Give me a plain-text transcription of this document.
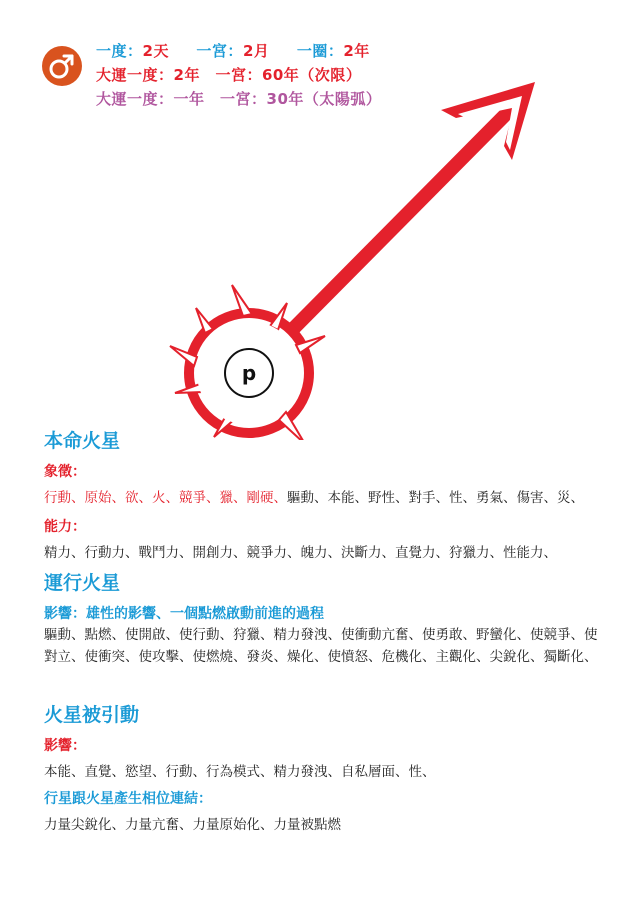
一度：2天 一宮：2月 一圈：2年
大運一度：2年　一宮：60年（次限）
大運一度：一年　一宮：30年（太陽弧）
p
本命火星
象徵：
行動、原始、欲、火、競爭、獵、剛硬、驅動、本能、野性、對手、性、勇氣、傷害、災、
能力：
精力、行動力、戰鬥力、開創力、競爭力、魄力、決斷力、直覺力、狩獵力、性能力、
運行火星
影響：雄性的影響、一個點燃啟動前進的過程
驅動、點燃、使開啟、使行動、狩獵、精力發洩、使衝動亢奮、使勇敢、野蠻化、使競爭、使對立、使衝突、使攻擊、使燃燒、發炎、燥化、使憤怒、危機化、主觀化、尖銳化、獨斷化、
火星被引動
影響：
本能、直覺、慾望、行動、行為模式、精力發洩、自私層面、性、
行星跟火星產生相位連結：
力量尖銳化、力量亢奮、力量原始化、力量被點燃
